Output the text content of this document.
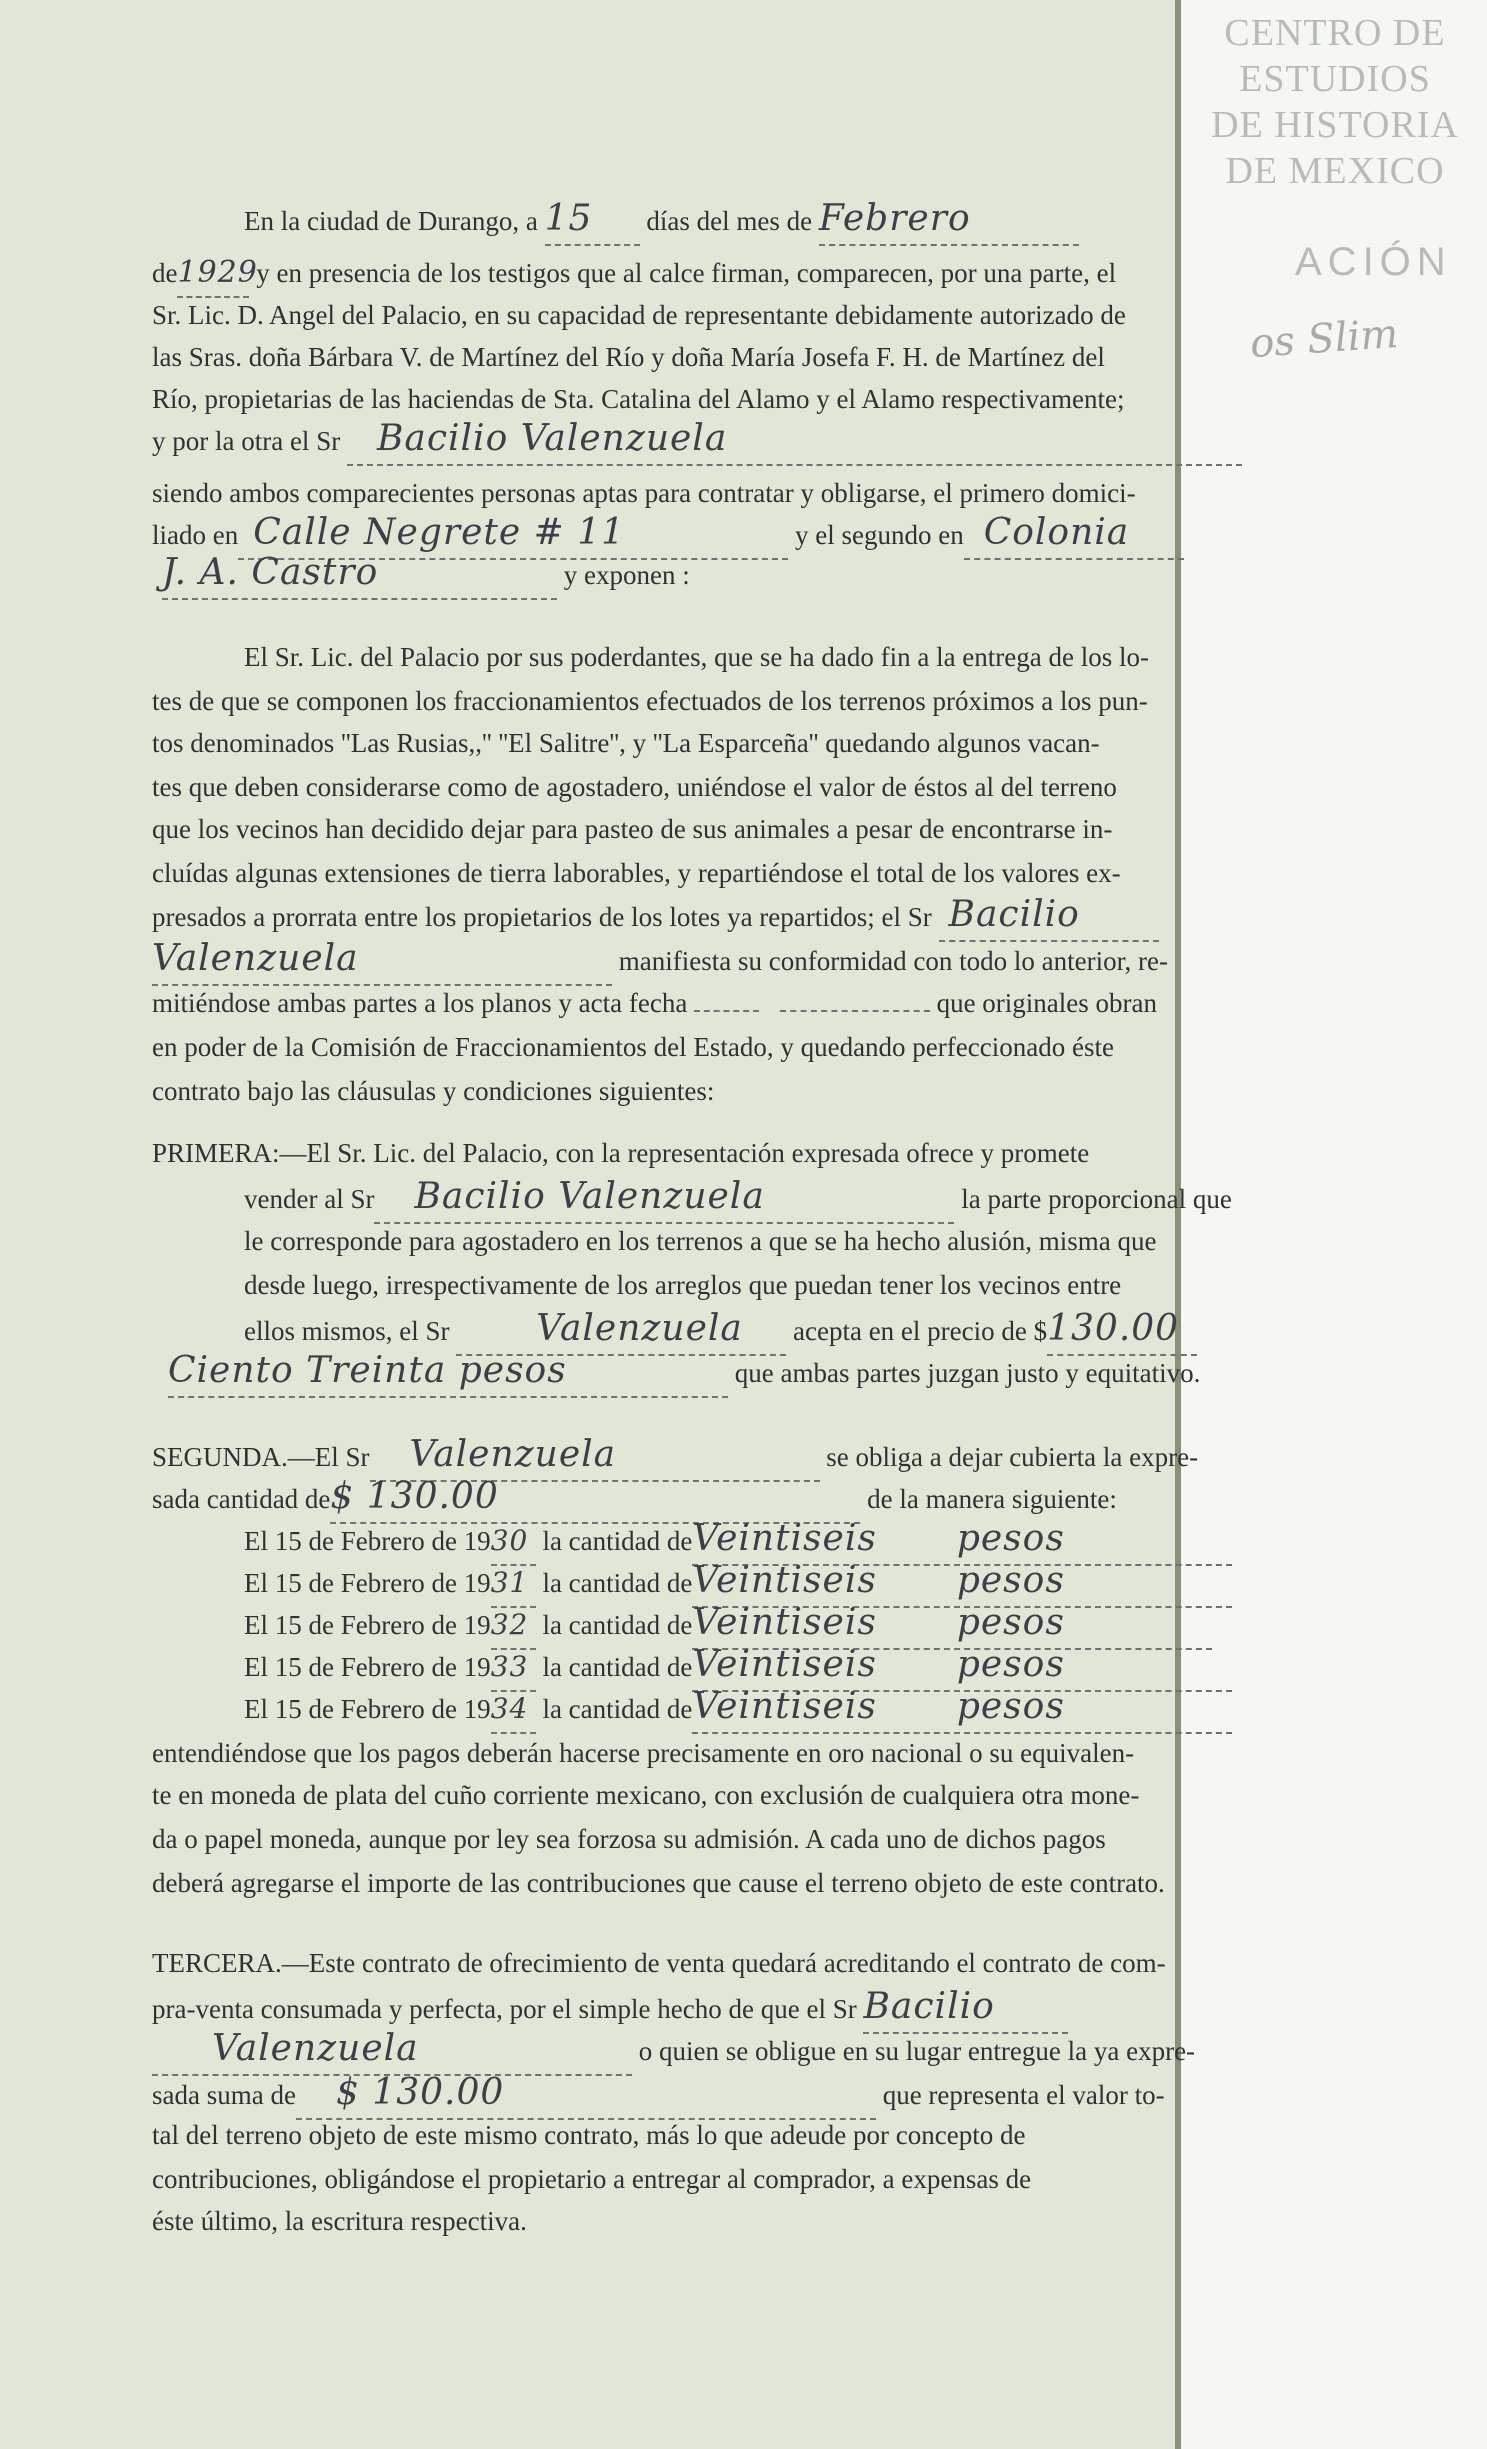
CENTRO DE
ESTUDIOS
DE HISTORIA
DE MEXICO
ACIÓN
os Slim
En la ciudad de Durango, a 15 días del mes de Febrero
de1929 y en presencia de los testigos que al calce firman, comparecen, por una parte, el
Sr. Lic. D. Angel del Palacio, en su capacidad de representante debidamente autorizado de
las Sras. doña Bárbara V. de Martínez del Río y doña María Josefa F. H. de Martínez del
Río, propietarias de las haciendas de Sta. Catalina del Alamo y el Alamo respectivamente;
y por la otra el Sr Bacilio Valenzuela
siendo ambos comparecientes personas aptas para contratar y obligarse, el primero domici-
liado en Calle Negrete # 11	y el segundo en Colonia
J. A. Castro	y exponen :
El Sr. Lic. del Palacio por sus poderdantes, que se ha dado fin a la entrega de los lo-
tes de que se componen los fraccionamientos efectuados de los terrenos próximos a los pun-
tos denominados ''Las Rusias,,'' ''El Salitre'', y ''La Esparceña'' quedando algunos vacan-
tes que deben considerarse como de agostadero, uniéndose el valor de éstos al del terreno
que los vecinos han decidido dejar para pasteo de sus animales a pesar de encontrarse in-
cluídas algunas extensiones de tierra laborables, y repartiéndose el total de los valores ex-
presados a prorrata entre los propietarios de los lotes ya repartidos; el Sr Bacilio
Valenzuela	manifiesta su conformidad con todo lo anterior, re-
mitiéndose ambas partes a los planos y acta fecha	que originales obran
en poder de la Comisión de Fraccionamientos del Estado, y quedando perfeccionado éste
contrato bajo las cláusulas y condiciones siguientes:
PRIMERA:—El Sr. Lic. del Palacio, con la representación expresada ofrece y promete
vender al Sr Bacilio Valenzuela	la parte proporcional que
le corresponde para agostadero en los terrenos a que se ha hecho alusión, misma que
desde luego, irrespectivamente de los arreglos que puedan tener los vecinos entre
ellos mismos, el Sr Valenzuela acepta en el precio de $130.00
Ciento Treinta pesos	que ambas partes juzgan justo y equitativo.
SEGUNDA.—El Sr Valenzuela	se obliga a dejar cubierta la expre-
sada cantidad de$ 130.00	de la manera siguiente:
El 15 de Febrero de 1930 la cantidad deVeintiseis pesos
El 15 de Febrero de 1931 la cantidad deVeintiseis pesos
El 15 de Febrero de 1932 la cantidad deVeintiseis pesos
El 15 de Febrero de 1933 la cantidad deVeintiseis pesos
El 15 de Febrero de 1934 la cantidad deVeintiseis pesos
entendiéndose que los pagos deberán hacerse precisamente en oro nacional o su equivalen-
te en moneda de plata del cuño corriente mexicano, con exclusión de cualquiera otra mone-
da o papel moneda, aunque por ley sea forzosa su admisión. A cada uno de dichos pagos
deberá agregarse el importe de las contribuciones que cause el terreno objeto de este contrato.
TERCERA.—Este contrato de ofrecimiento de venta quedará acreditando el contrato de com-
pra-venta consumada y perfecta, por el simple hecho de que el Sr Bacilio
Valenzuela	o quien se obligue en su lugar entregue la ya expre-
sada suma de $ 130.00	que representa el valor to-
tal del terreno objeto de este mismo contrato, más lo que adeude por concepto de
contribuciones, obligándose el propietario a entregar al comprador, a expensas de
éste último, la escritura respectiva.
